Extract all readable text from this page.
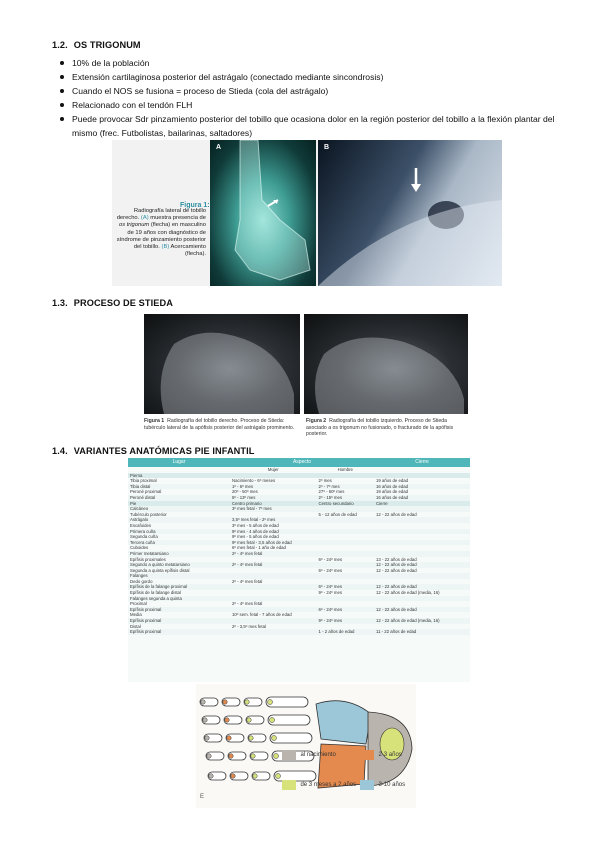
1.2. OS TRIGONUM
10% de la población
Extensión cartilaginosa posterior del astrágalo (conectado mediante sincondrosis)
Cuando el NOS se fusiona = proceso de Stieda (cola del astrágalo)
Relacionado con el tendón FLH
Puede provocar Sdr pinzamiento posterior del tobillo que ocasiona dolor en la región posterior del tobillo a la flexión plantar del mismo (frec. Futbolistas, bailarinas, saltadores)
Figura 1:
Radiografía lateral de tobillo derecho. (A) muestra presencia de os trigonum (flecha) en masculino de 19 años con diagnóstico de síndrome de pinzamiento posterior del tobillo. (B) Acercamiento (flecha).
A	B
1.3. PROCESO DE STIEDA
Figura 1 Radiografía del tobillo derecho. Proceso de Stieda: tubérculo lateral de la apófisis posterior del astrágalo prominento.
Figura 2 Radiografía del tobillo izquierdo. Proceso de Stieda asociado a os trigonum no fusionado, o fracturado de la apófisis posterior.
1.4. VARIANTES ANATÓMICAS PIE INFANTIL
Lugar	Aspecto		Cierre
	Mujer	Hombre	
Pierna			
Tibia proximal	Nacimiento - 6º meses	2º mes	19 años de edad
Tibia distal	1º - 6º mes	2º - 7º mes	16 años de edad
Peroné proximal	20º - 50º mes	27º - 60º mes	19 años de edad
Peroné distal	5º - 13º mes	2º - 15º mes	16 años de edad
Pie	Centro primario	Centro secundario	Cierre
Calcáneo	3º mes fetal - 7º mes		
Tubérculo posterior		5 - 12 años de edad	12 - 22 años de edad
Astrágalo	3,5º mes fetal - 2º mes		
Escafoides	3º mes - 5 años de edad		
Primera cuña	9º mes - 4 años de edad		
Segunda cuña	9º mes - 5 años de edad		
Tercera cuña	9º mes fetal - 3,5 años de edad		
Cuboides	6º mes fetal - 1 año de edad		
Primer metatarsiano	2º - 4º mes fetal		
Epífisis proximales		6º - 24º mes	13 - 22 años de edad
Segundo a quinto metatarsiano	2º - 4º mes fetal		12 - 22 años de edad
Segunda a quinta epífisis distal		6º - 24º mes	12 - 22 años de edad
Falanges			
Dedo gordo	2º - 4º mes fetal		
Epífisis de la falange proximal		6º - 24º mes	12 - 22 años de edad
Epífisis de la falange distal		9º - 24º mes	12 - 22 años de edad (media, 16)
Falanges segunda a quinta			
Proximal	2º - 4º mes fetal		
Epífisis proximal		6º - 24º mes	12 - 22 años de edad
Media	10º sem. fetal - 7 años de edad		
Epífisis proximal		9º - 24º mes	12 - 22 años de edad (media, 16)
Distal	2º - 3,5º mes fetal		
Epífisis proximal		1 - 2 años de edad	11 - 22 años de edad
al nacimiento	2-3 años
de 3 meses a 2 años	3-10 años
E
